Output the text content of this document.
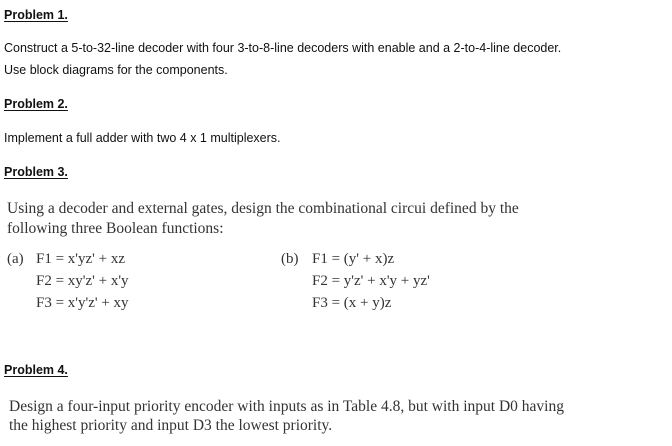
Problem 1.
Construct a 5-to-32-line decoder with four 3-to-8-line decoders with enable and a 2-to-4-line decoder.
Use block diagrams for the components.
Problem 2.
Implement a full adder with two 4 x 1 multiplexers.
Problem 3.
Using a decoder and external gates, design the combinational circui defined by the
following three Boolean functions:
(a) F1 = x'yz' + xz
F2 = xy'z' + x'y
F3 = x'y'z' + xy
(b) F1 = (y' + x)z
F2 = y'z' + x'y + yz'
F3 = (x + y)z
Problem 4.
Design a four-input priority encoder with inputs as in Table 4.8, but with input D0 having
the highest priority and input D3 the lowest priority.
